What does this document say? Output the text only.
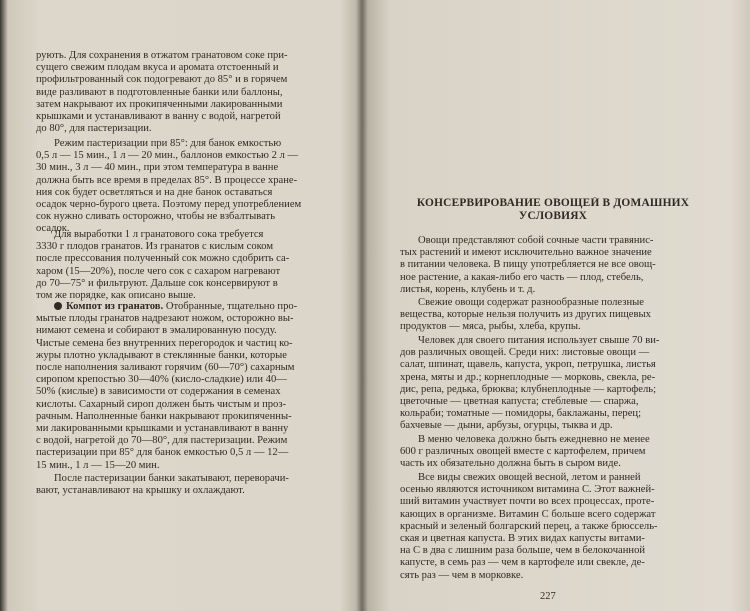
рують. Для сохранения в отжатом гранатовом соке при-
сущего свежим плодам вкуса и аромата отстоенный и
профильтрованный сок подогревают до 85° и в горячем
виде разливают в подготовленные банки или баллоны,
затем накрывают их прокипяченными лакированными
крышками и устанавливают в ванну с водой, нагретой
до 80°, для пастеризации.
Режим пастеризации при 85°: для банок емкостью
0,5 л — 15 мин., 1 л — 20 мин., баллонов емкостью 2 л —
30 мин., 3 л — 40 мин., при этом температура в ванне
должна быть все время в пределах 85°. В процессе хране-
ния сок будет осветляться и на дне банок оставаться
осадок черно-бурого цвета. Поэтому перед употреблением
сок нужно сливать осторожно, чтобы не взбалтывать
осадок.
Для выработки 1 л гранатового сока требуется
3330 г плодов гранатов. Из гранатов с кислым соком
после прессования полученный сок можно сдобрить са-
харом (15—20%), после чего сок с сахаром нагревают
до 70—75° и фильтруют. Дальше сок консервируют в
том же порядке, как описано выше.
Компот из гранатов. Отобранные, тщательно про-
мытые плоды гранатов надрезают ножом, осторожно вы-
нимают семена и собирают в эмалированную посуду.
Чистые семена без внутренних перегородок и частиц ко-
журы плотно укладывают в стеклянные банки, которые
после наполнения заливают горячим (60—70°) сахарным
сиропом крепостью 30—40% (кисло-сладкие) или 40—
50% (кислые) в зависимости от содержания в семенах
кислоты. Сахарный сироп должен быть чистым и проз-
рачным. Наполненные банки накрывают прокипяченны-
ми лакированными крышками и устанавливают в ванну
с водой, нагретой до 70—80°, для пастеризации. Режим
пастеризации при 85° для банок емкостью 0,5 л — 12—
15 мин., 1 л — 15—20 мин.
После пастеризации банки закатывают, переворачи-
вают, устанавливают на крышку и охлаждают.
КОНСЕРВИРОВАНИЕ ОВОЩЕЙ В ДОМАШНИХ
УСЛОВИЯХ
Овощи представляют собой сочные части травянис-
тых растений и имеют исключительно важное значение
в питании человека. В пищу употребляется не все овощ-
ное растение, а какая-либо его часть — плод, стебель,
листья, корень, клубень и т. д.
Свежие овощи содержат разнообразные полезные
вещества, которые нельзя получить из других пищевых
продуктов — мяса, рыбы, хлеба, крупы.
Человек для своего питания использует свыше 70 ви-
дов различных овощей. Среди них: листовые овощи —
салат, шпинат, щавель, капуста, укроп, петрушка, листья
хрена, мяты и др.; корнеплодные — морковь, свекла, ре-
дис, репа, редька, брюква; клубнеплодные — картофель;
цветочные — цветная капуста; стеблевые — спаржа,
кольраби; томатные — помидоры, баклажаны, перец;
бахчевые — дыни, арбузы, огурцы, тыква и др.
В меню человека должно быть ежедневно не менее
600 г различных овощей вместе с картофелем, причем
часть их обязательно должна быть в сыром виде.
Все виды свежих овощей весной, летом и ранней
осенью являются источником витамина С. Этот важней-
ший витамин участвует почти во всех процессах, проте-
кающих в организме. Витамин С больше всего содержат
красный и зеленый болгарский перец, а также брюссель-
ская и цветная капуста. В этих видах капусты витами-
на С в два с лишним раза больше, чем в белокочанной
капусте, в семь раз — чем в картофеле или свекле, де-
сять раз — чем в морковке.
227
